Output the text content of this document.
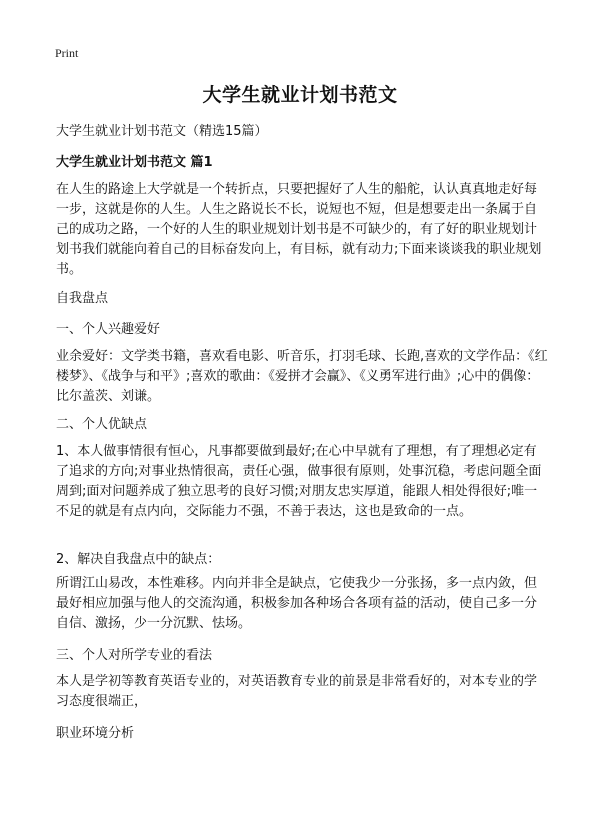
Print
大学生就业计划书范文
大学生就业计划书范文（精选15篇）
大学生就业计划书范文 篇1
在人生的路途上大学就是一个转折点，只要把握好了人生的船舵，认认真真地走好每一步，这就是你的人生。人生之路说长不长，说短也不短，但是想要走出一条属于自己的成功之路，一个好的人生的职业规划计划书是不可缺少的，有了好的职业规划计划书我们就能向着自己的目标奋发向上，有目标，就有动力;下面来谈谈我的职业规划书。
自我盘点
一、个人兴趣爱好
业余爱好：文学类书籍，喜欢看电影、听音乐，打羽毛球、长跑,喜欢的文学作品：《红楼梦》、《战争与和平》;喜欢的歌曲：《爱拼才会赢》、《义勇军进行曲》;心中的偶像：比尔盖茨、刘谦。
二、个人优缺点
1、本人做事情很有恒心，凡事都要做到最好;在心中早就有了理想，有了理想必定有了追求的方向;对事业热情很高，责任心强，做事很有原则，处事沉稳，考虑问题全面周到;面对问题养成了独立思考的良好习惯;对朋友忠实厚道，能跟人相处得很好;唯一不足的就是有点内向，交际能力不强，不善于表达，这也是致命的一点。
2、解决自我盘点中的缺点：
所谓江山易改，本性难移。内向并非全是缺点，它使我少一分张扬，多一点内敛，但最好相应加强与他人的交流沟通，积极参加各种场合各项有益的活动，使自己多一分自信、激扬，少一分沉默、怯场。
三、个人对所学专业的看法
本人是学初等教育英语专业的，对英语教育专业的前景是非常看好的，对本专业的学习态度很端正，
职业环境分析
